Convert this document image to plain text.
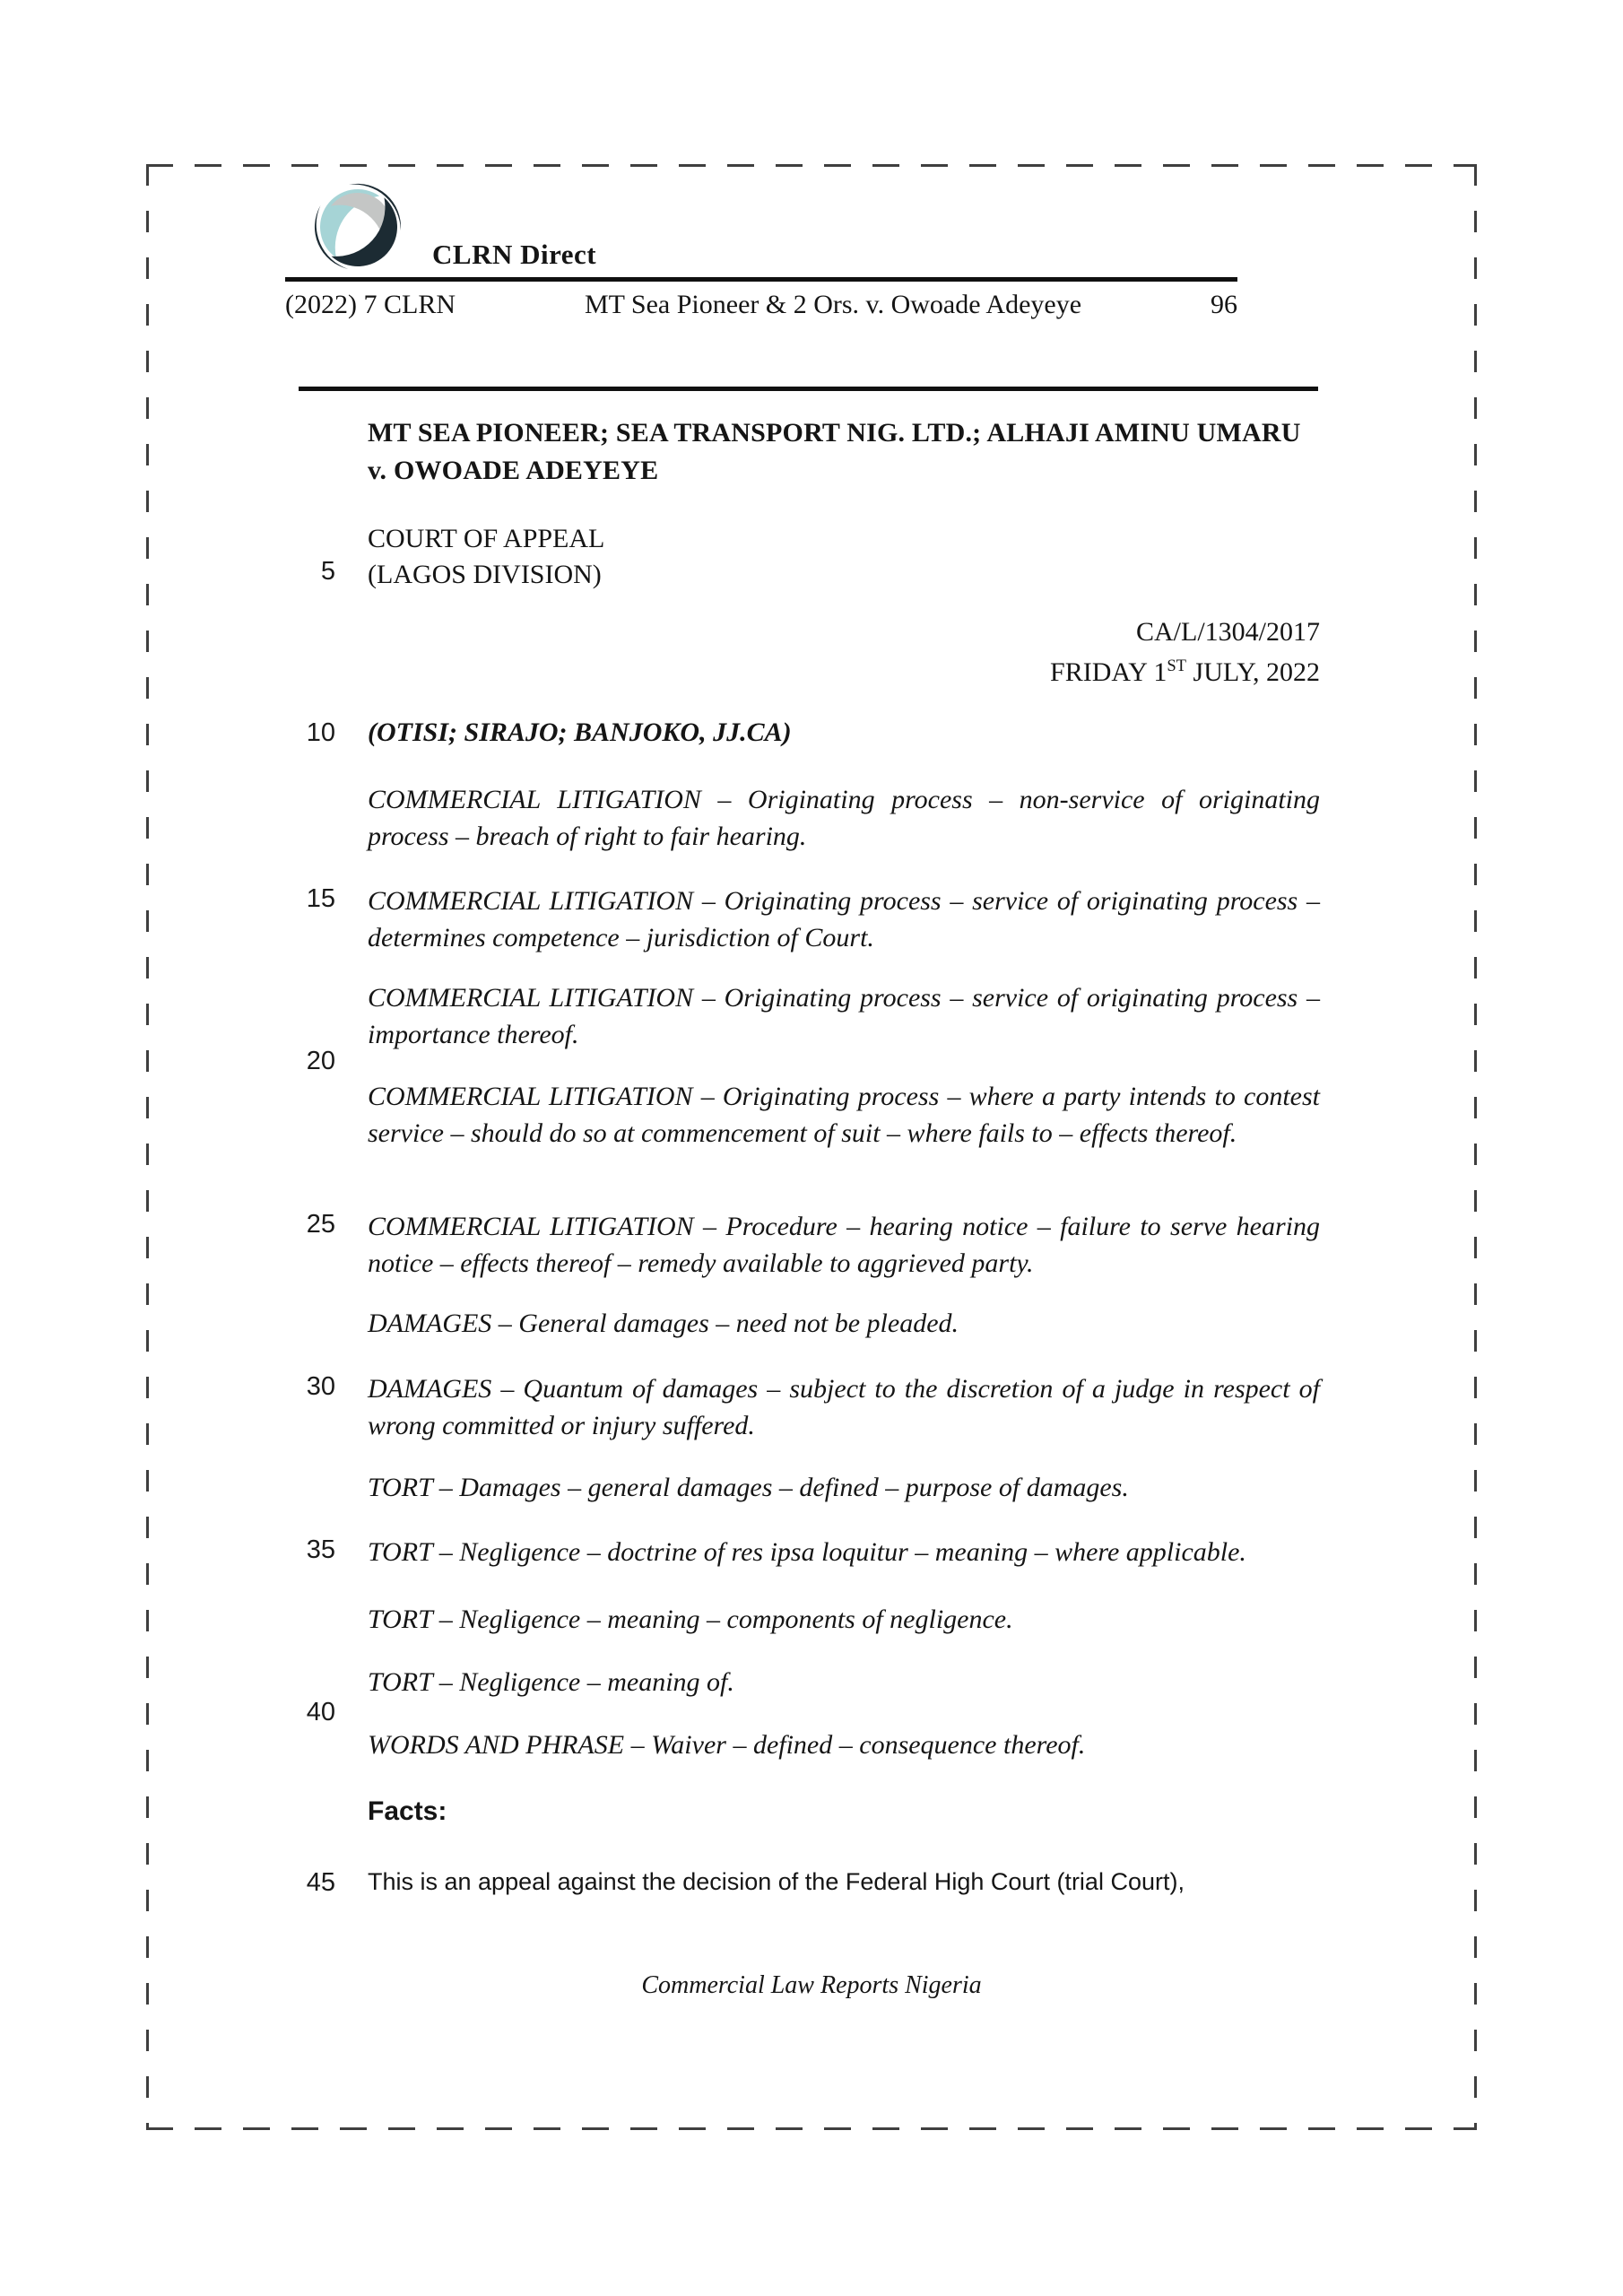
CLRN Direct
(2022) 7 CLRN	MT Sea Pioneer & 2 Ors. v. Owoade Adeyeye	96
MT SEA PIONEER; SEA TRANSPORT NIG. LTD.; ALHAJI AMINU UMARU
v. OWOADE ADEYEYE
COURT OF APPEAL
(LAGOS DIVISION)
CA/L/1304/2017
FRIDAY 1ST JULY, 2022
(OTISI; SIRAJO; BANJOKO, JJ.CA)
COMMERCIAL LITIGATION – Originating process – non-service of originating process – breach of right to fair hearing.
COMMERCIAL LITIGATION – Originating process – service of originating process – determines competence – jurisdiction of Court.
COMMERCIAL LITIGATION – Originating process – service of originating process – importance thereof.
COMMERCIAL LITIGATION – Originating process – where a party intends to contest service – should do so at commencement of suit – where fails to – effects thereof.
COMMERCIAL LITIGATION – Procedure – hearing notice – failure to serve hearing notice – effects thereof – remedy available to aggrieved party.
DAMAGES – General damages – need not be pleaded.
DAMAGES – Quantum of damages – subject to the discretion of a judge in respect of wrong committed or injury suffered.
TORT – Damages – general damages – defined – purpose of damages.
TORT – Negligence – doctrine of res ipsa loquitur – meaning – where applicable.
TORT – Negligence – meaning – components of negligence.
TORT – Negligence – meaning of.
WORDS AND PHRASE – Waiver – defined – consequence thereof.
5
10
15
20
25
30
35
40
45
Facts:
This is an appeal against the decision of the Federal High Court (trial Court),
Commercial Law Reports Nigeria
